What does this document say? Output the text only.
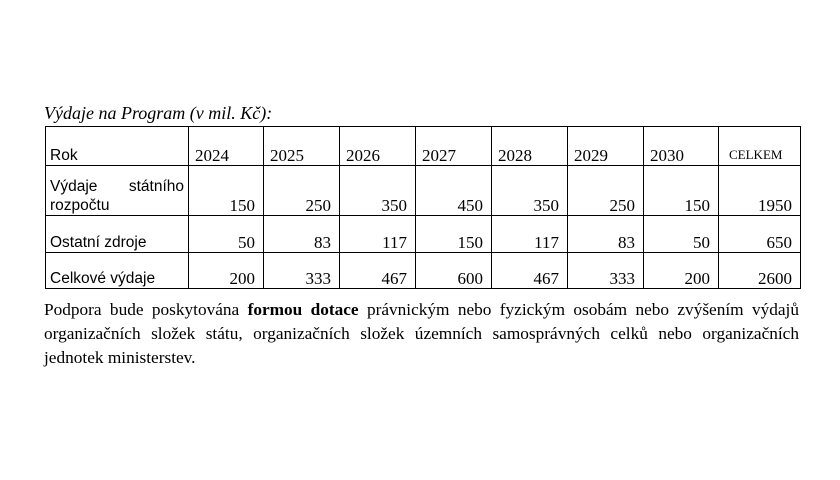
Výdaje na Program (v mil. Kč):
Rok	2024	2025	2026	2027	2028	2029	2030	CELKEM
Výdaje státního rozpočtu	150	250	350	450	350	250	150	1950
Ostatní zdroje	50	83	117	150	117	83	50	650
Celkové výdaje	200	333	467	600	467	333	200	2600
Podpora bude poskytována formou dotace právnickým nebo fyzickým osobám nebo zvýšením výdajů organizačních složek státu, organizačních složek územních samosprávných celků nebo organizačních jednotek ministerstev.
